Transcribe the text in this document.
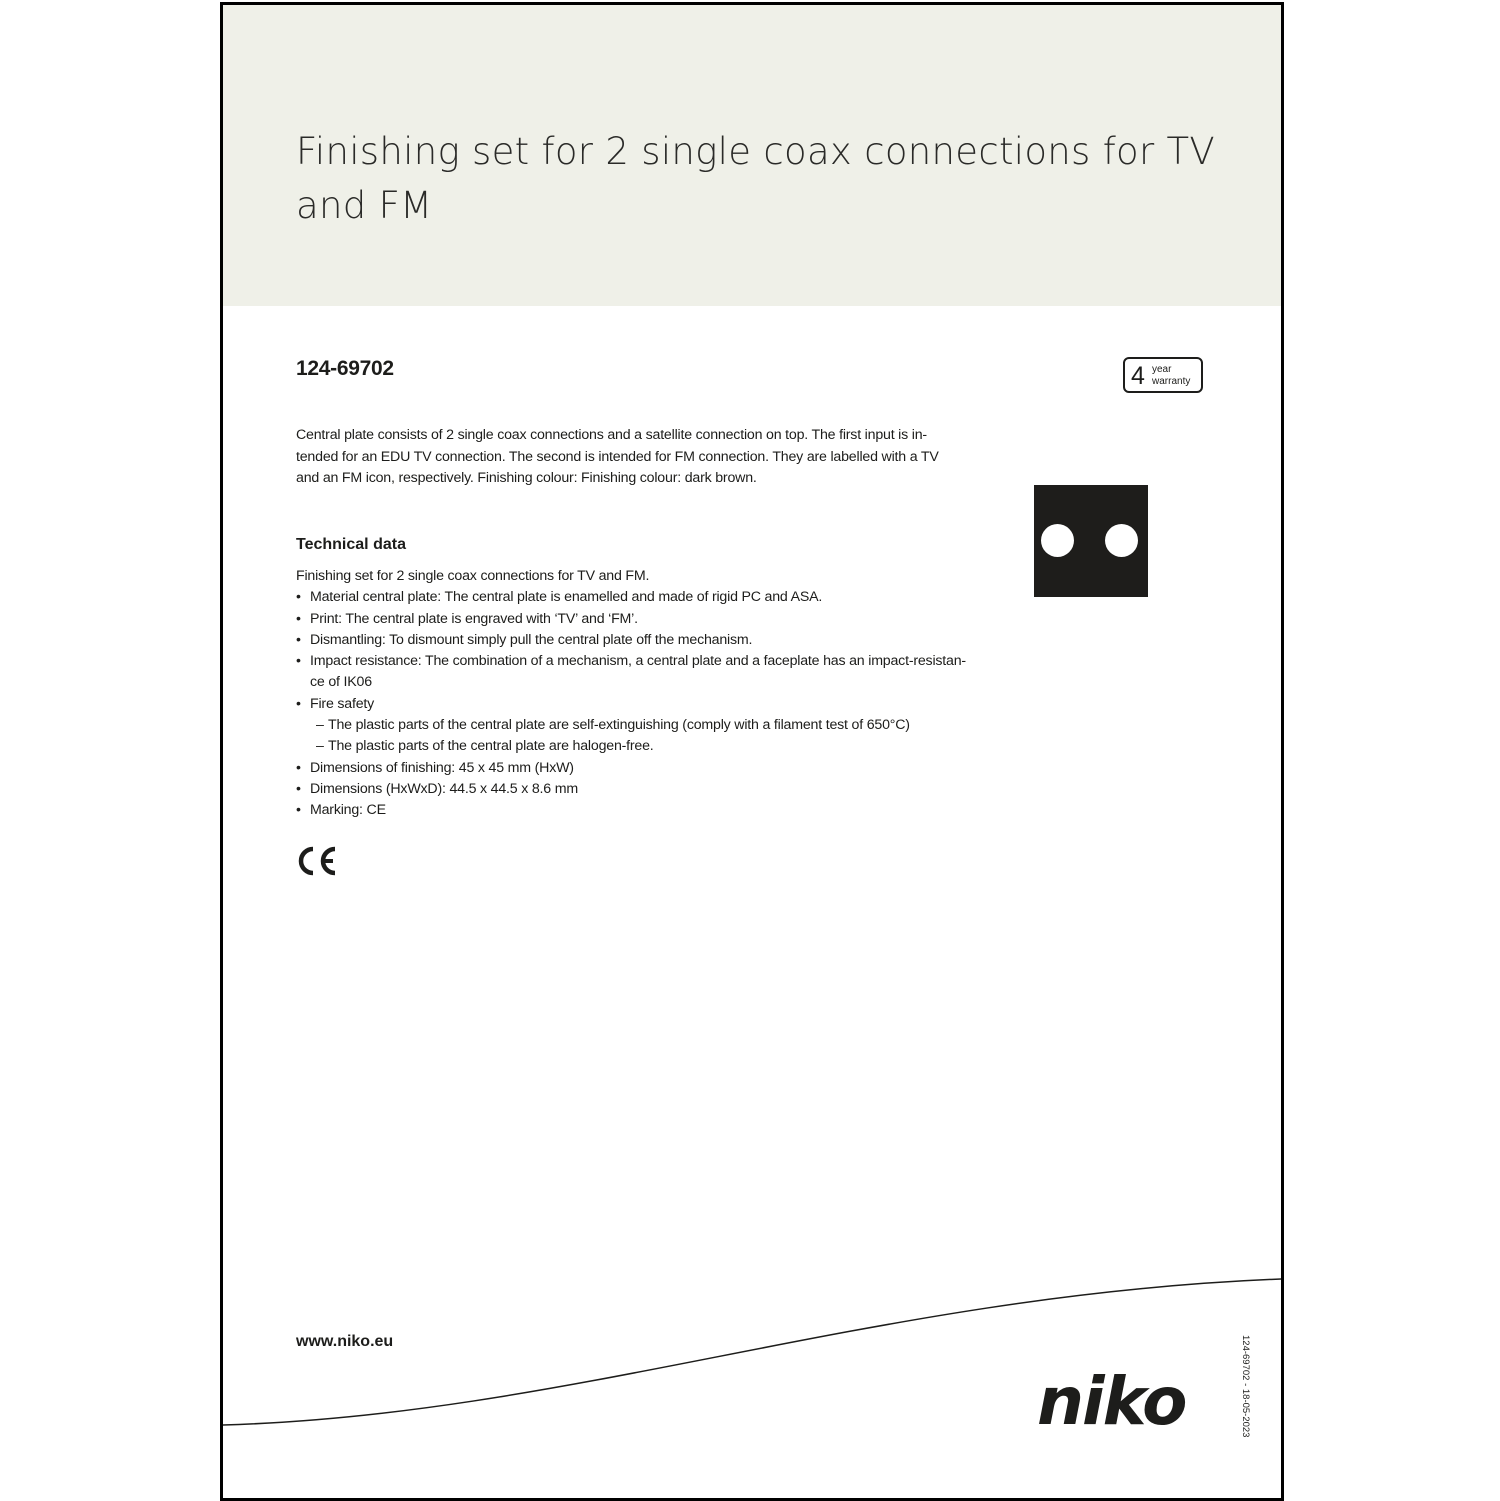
Finishing set for 2 single coax connections for TV and FM
124-69702	4 year
warranty

Central plate consists of 2 single coax connections and a satellite connection on top. The first input is in-
tended for an EDU TV connection. The second is intended for FM connection. They are labelled with a TV
and an FM icon, respectively. Finishing colour: Finishing colour: dark brown.

Technical data
Finishing set for 2 single coax connections for TV and FM.
• Material central plate: The central plate is enamelled and made of rigid PC and ASA.
• Print: The central plate is engraved with ‘TV’ and ‘FM’.
• Dismantling: To dismount simply pull the central plate off the mechanism.
• Impact resistance: The combination of a mechanism, a central plate and a faceplate has an impact-resistan-
ce of IK06
• Fire safety
– The plastic parts of the central plate are self-extinguishing (comply with a filament test of 650°C)
– The plastic parts of the central plate are halogen-free.
• Dimensions of finishing: 45 x 45 mm (HxW)
• Dimensions (HxWxD): 44.5 x 44.5 x 8.6 mm
• Marking: CE

www.niko.eu

niko	124-69702 - 18-05-2023
